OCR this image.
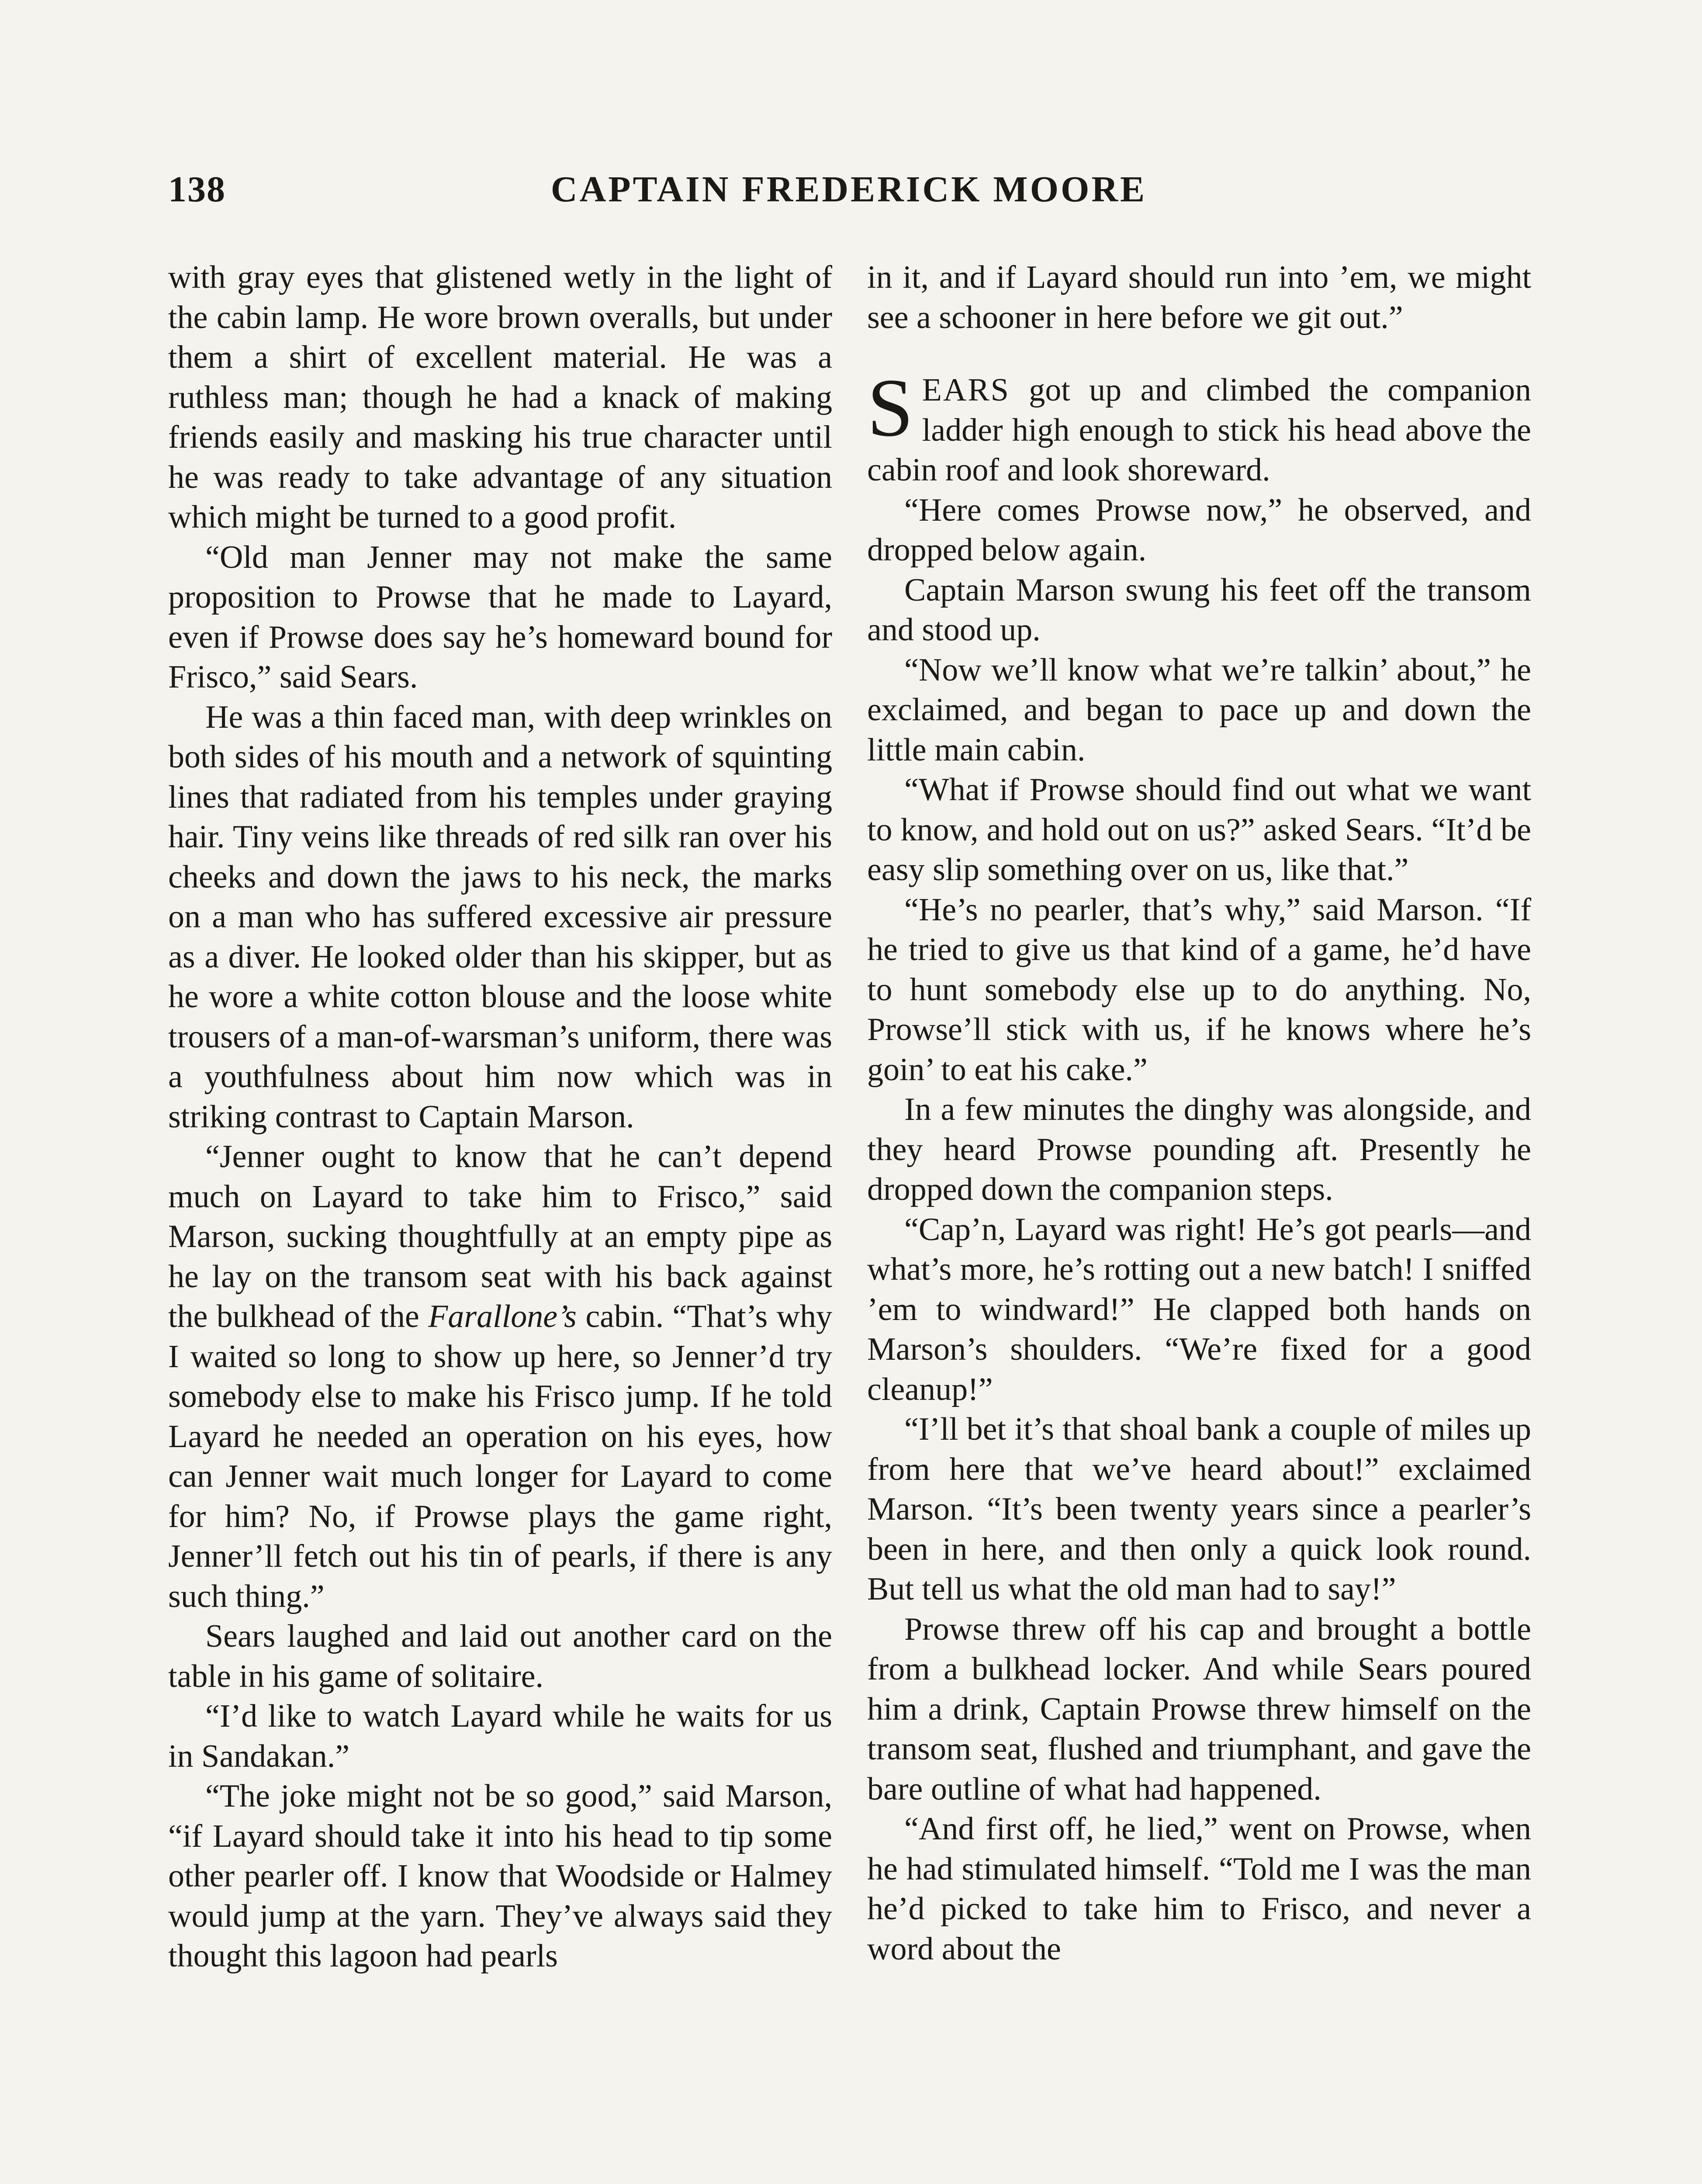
138	CAPTAIN FREDERICK MOORE

with gray eyes that glistened wetly in the light of the cabin lamp. He wore brown overalls, but under them a shirt of excellent material. He was a ruthless man; though he had a knack of making friends easily and masking his true character until he was ready to take advantage of any situation which might be turned to a good profit.

“Old man Jenner may not make the same proposition to Prowse that he made to Layard, even if Prowse does say he’s homeward bound for Frisco,” said Sears.

He was a thin faced man, with deep wrinkles on both sides of his mouth and a network of squinting lines that radiated from his temples under graying hair. Tiny veins like threads of red silk ran over his cheeks and down the jaws to his neck, the marks on a man who has suffered excessive air pressure as a diver. He looked older than his skipper, but as he wore a white cotton blouse and the loose white trousers of a man-of-warsman’s uniform, there was a youthfulness about him now which was in striking contrast to Captain Marson.

“Jenner ought to know that he can’t depend much on Layard to take him to Frisco,” said Marson, sucking thoughtfully at an empty pipe as he lay on the transom seat with his back against the bulkhead of the Farallone’s cabin. “That’s why I waited so long to show up here, so Jenner’d try somebody else to make his Frisco jump. If he told Layard he needed an operation on his eyes, how can Jenner wait much longer for Layard to come for him? No, if Prowse plays the game right, Jenner’ll fetch out his tin of pearls, if there is any such thing.”

Sears laughed and laid out another card on the table in his game of solitaire.

“I’d like to watch Layard while he waits for us in Sandakan.”

“The joke might not be so good,” said Marson, “if Layard should take it into his head to tip some other pearler off. I know that Woodside or Halmey would jump at the yarn. They’ve always said they thought this lagoon had pearls

in it, and if Layard should run into ’em, we might see a schooner in here before we git out.”

SEARS got up and climbed the companion ladder high enough to stick his head above the cabin roof and look shoreward.

“Here comes Prowse now,” he observed, and dropped below again.

Captain Marson swung his feet off the transom and stood up.

“Now we’ll know what we’re talkin’ about,” he exclaimed, and began to pace up and down the little main cabin.

“What if Prowse should find out what we want to know, and hold out on us?” asked Sears. “It’d be easy slip something over on us, like that.”

“He’s no pearler, that’s why,” said Marson. “If he tried to give us that kind of a game, he’d have to hunt somebody else up to do anything. No, Prowse’ll stick with us, if he knows where he’s goin’ to eat his cake.”

In a few minutes the dinghy was alongside, and they heard Prowse pounding aft. Presently he dropped down the companion steps.

“Cap’n, Layard was right! He’s got pearls—and what’s more, he’s rotting out a new batch! I sniffed ’em to windward!” He clapped both hands on Marson’s shoulders. “We’re fixed for a good cleanup!”

“I’ll bet it’s that shoal bank a couple of miles up from here that we’ve heard about!” exclaimed Marson. “It’s been twenty years since a pearler’s been in here, and then only a quick look round. But tell us what the old man had to say!”

Prowse threw off his cap and brought a bottle from a bulkhead locker. And while Sears poured him a drink, Captain Prowse threw himself on the transom seat, flushed and triumphant, and gave the bare outline of what had happened.

“And first off, he lied,” went on Prowse, when he had stimulated himself. “Told me I was the man he’d picked to take him to Frisco, and never a word about the
